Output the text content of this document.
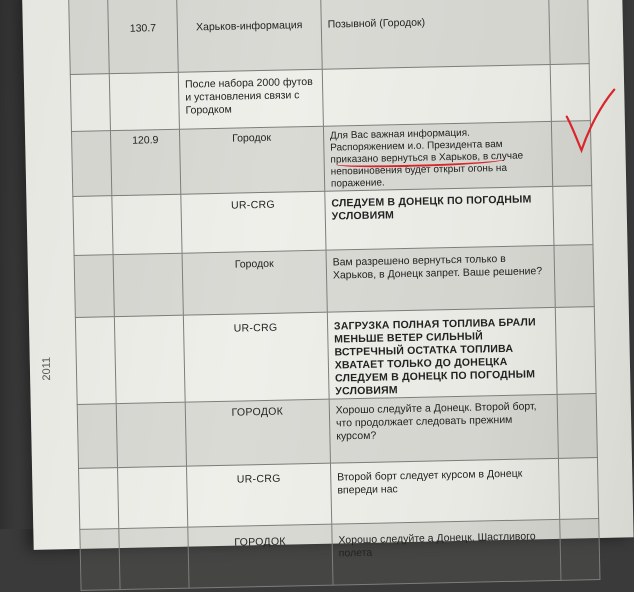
2011
	130.7	Харьков-информация	Позывной (Городок)	
		После набора 2000 футов и установления связи с Городком		
	120.9	Городок	Для Вас важная информация. Распоряжением и.о. Президента вам приказано вернуться в Харьков, в случае неповиновения будет открыт огонь на поражение.	
		UR-CRG	СЛЕДУЕМ В ДОНЕЦК ПО ПОГОДНЫМ УСЛОВИЯМ	
		Городок	Вам разрешено вернуться только в Харьков, в Донецк запрет. Ваше решение?	
		UR-CRG	ЗАГРУЗКА ПОЛНАЯ ТОПЛИВА БРАЛИ МЕНЬШЕ ВЕТЕР СИЛЬНЫЙ ВСТРЕЧНЫЙ ОСТАТКА ТОПЛИВА ХВАТАЕТ ТОЛЬКО ДО ДОНЕЦКА СЛЕДУЕМ В ДОНЕЦК ПО ПОГОДНЫМ УСЛОВИЯМ	
		ГОРОДОК	Хорошо следуйте а Донецк. Второй борт, что продолжает следовать прежним курсом?	
		UR-CRG	Второй борт следует курсом в Донецк впереди нас	
		ГОРОДОК	Хорошо следуйте а Донецк. Шастливого полета	
